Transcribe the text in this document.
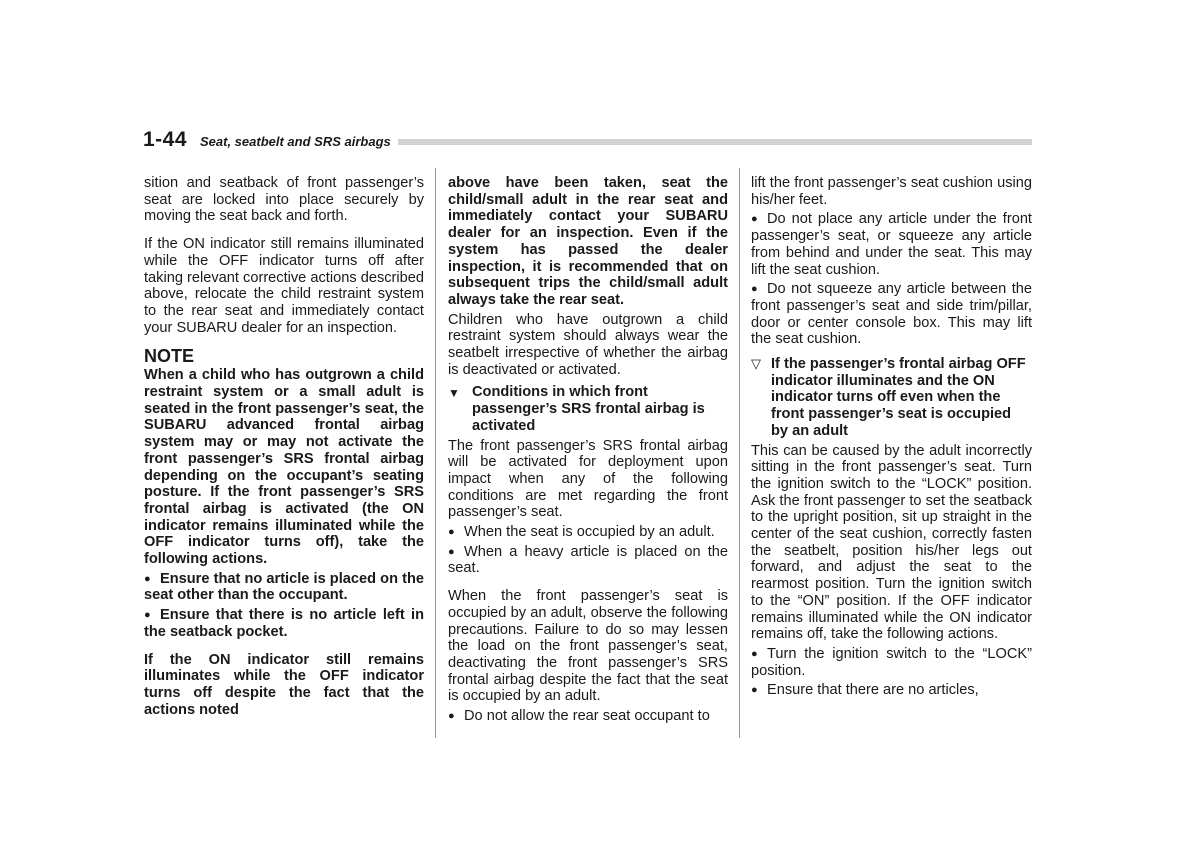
1-44 Seat, seatbelt and SRS airbags

sition and seatback of front passenger’s seat are locked into place securely by moving the seat back and forth.

If the ON indicator still remains illuminated while the OFF indicator turns off after taking relevant corrective actions described above, relocate the child restraint system to the rear seat and immediately contact your SUBARU dealer for an inspection.

NOTE

When a child who has outgrown a child restraint system or a small adult is seated in the front passenger’s seat, the SUBARU advanced frontal airbag system may or may not activate the front passenger’s SRS frontal airbag depending on the occupant’s seating posture. If the front passenger’s SRS frontal airbag is activated (the ON indicator remains illuminated while the OFF indicator turns off), take the following actions.

● Ensure that no article is placed on the seat other than the occupant.

● Ensure that there is no article left in the seatback pocket.

If the ON indicator still remains illuminates while the OFF indicator turns off despite the fact that the actions noted

above have been taken, seat the child/small adult in the rear seat and immediately contact your SUBARU dealer for an inspection. Even if the system has passed the dealer inspection, it is recommended that on subsequent trips the child/small adult always take the rear seat.

Children who have outgrown a child restraint system should always wear the seatbelt irrespective of whether the airbag is deactivated or activated.

▼ Conditions in which front passenger’s SRS frontal airbag is activated

The front passenger’s SRS frontal airbag will be activated for deployment upon impact when any of the following conditions are met regarding the front passenger’s seat.

● When the seat is occupied by an adult.

● When a heavy article is placed on the seat.

When the front passenger’s seat is occupied by an adult, observe the following precautions. Failure to do so may lessen the load on the front passenger’s seat, deactivating the front passenger’s SRS frontal airbag despite the fact that the seat is occupied by an adult.

● Do not allow the rear seat occupant to

lift the front passenger’s seat cushion using his/her feet.

● Do not place any article under the front passenger’s seat, or squeeze any article from behind and under the seat. This may lift the seat cushion.

● Do not squeeze any article between the front passenger’s seat and side trim/pillar, door or center console box. This may lift the seat cushion.

▽ If the passenger’s frontal airbag OFF indicator illuminates and the ON indicator turns off even when the front passenger’s seat is occupied by an adult

This can be caused by the adult incorrectly sitting in the front passenger’s seat. Turn the ignition switch to the “LOCK” position. Ask the front passenger to set the seatback to the upright position, sit up straight in the center of the seat cushion, correctly fasten the seatbelt, position his/her legs out forward, and adjust the seat to the rearmost position. Turn the ignition switch to the “ON” position. If the OFF indicator remains illuminated while the ON indicator remains off, take the following actions.

● Turn the ignition switch to the “LOCK” position.

● Ensure that there are no articles,
